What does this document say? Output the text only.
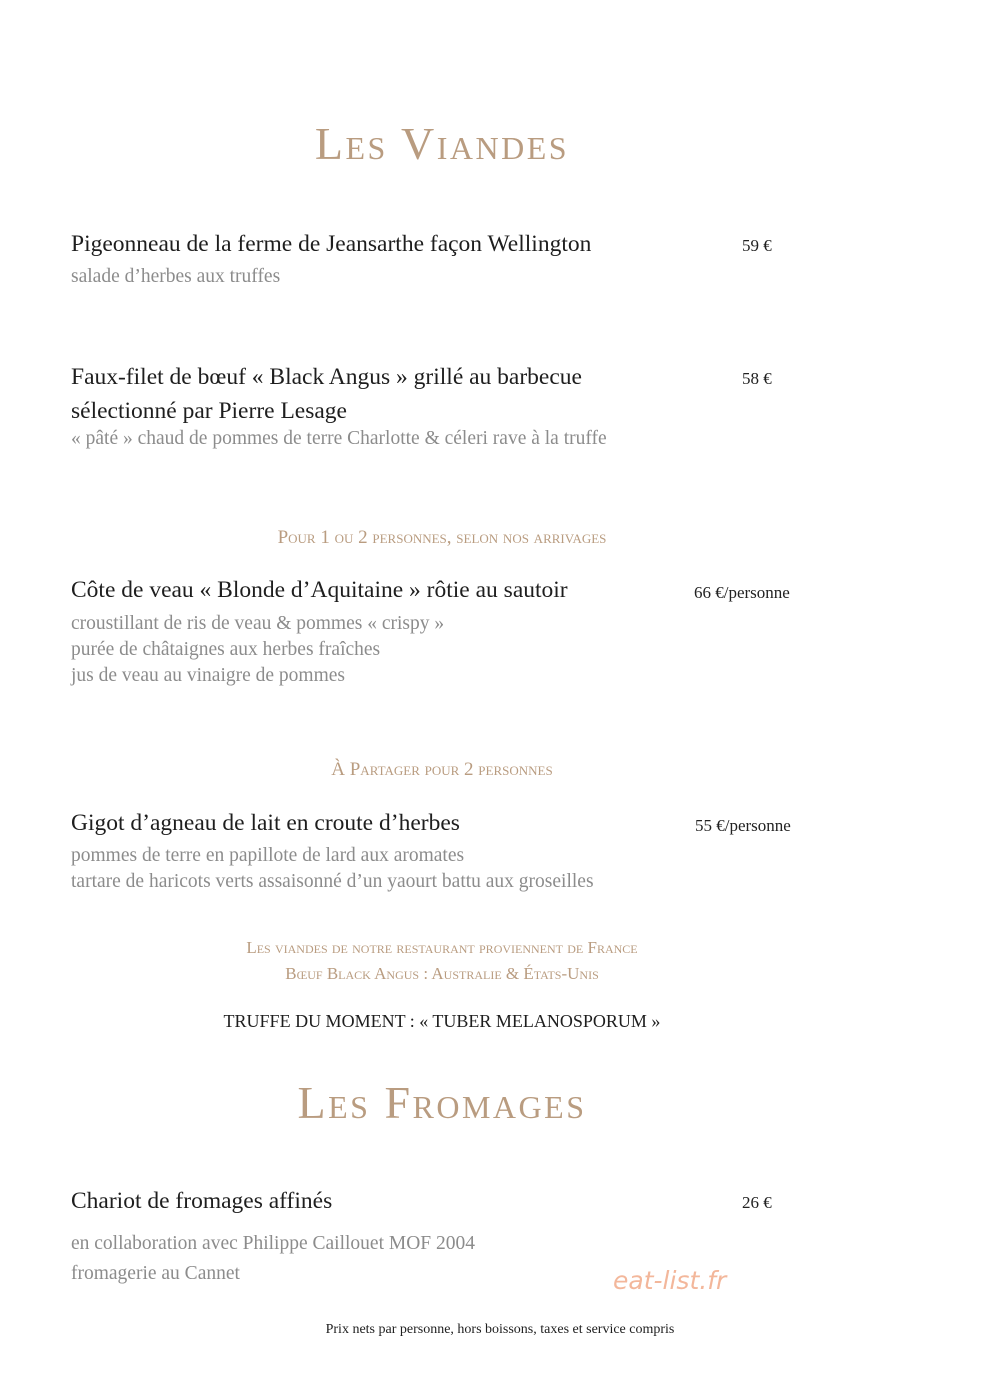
Les Viandes
Pigeonneau de la ferme de Jeansarthe façon Wellington	59 €
salade d’herbes aux truffes
Faux-filet de bœuf « Black Angus » grillé au barbecue
sélectionné par Pierre Lesage
58 €
« pâté » chaud de pommes de terre Charlotte & céleri rave à la truffe
Pour 1 ou 2 personnes, selon nos arrivages
Côte de veau « Blonde d’Aquitaine » rôtie au sautoir	66 €/personne
croustillant de ris de veau & pommes « crispy »
purée de châtaignes aux herbes fraîches
jus de veau au vinaigre de pommes
À Partager pour 2 personnes
Gigot d’agneau de lait en croute d’herbes	55 €/personne
pommes de terre en papillote de lard aux aromates
tartare de haricots verts assaisonné d’un yaourt battu aux groseilles
Les viandes de notre restaurant proviennent de France
Bœuf Black Angus : Australie & États-Unis
TRUFFE DU MOMENT : « TUBER MELANOSPORUM »
Les Fromages
Chariot de fromages affinés	26 €
en collaboration avec Philippe Caillouet MOF 2004
fromagerie au Cannet	eat-list.fr
Prix nets par personne, hors boissons, taxes et service compris
